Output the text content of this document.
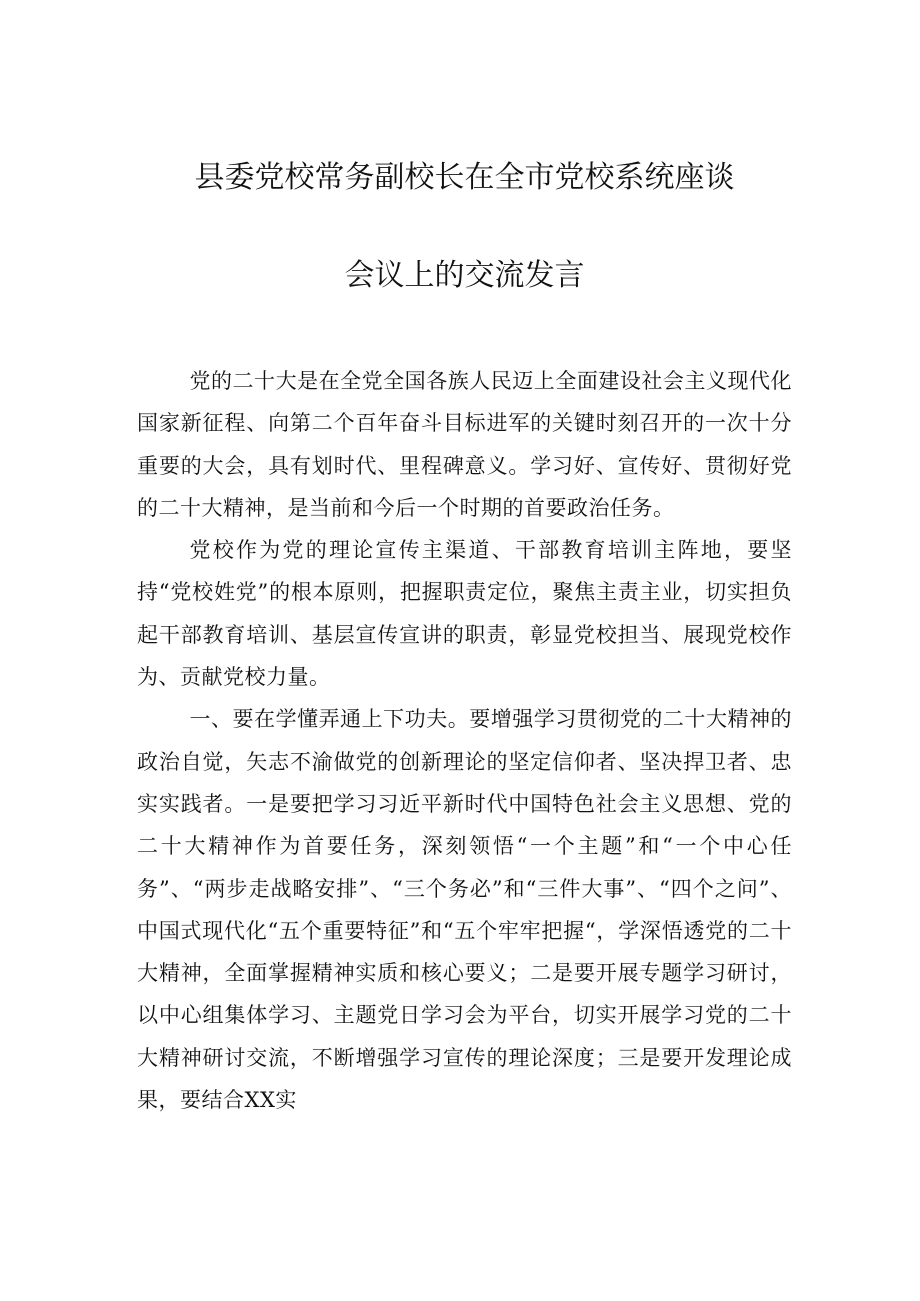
县委党校常务副校长在全市党校系统座谈
会议上的交流发言

党的二十大是在全党全国各族人民迈上全面建设社会主义现代化国家新征程、向第二个百年奋斗目标进军的关键时刻召开的一次十分重要的大会，具有划时代、里程碑意义。学习好、宣传好、贯彻好党的二十大精神，是当前和今后一个时期的首要政治任务。

党校作为党的理论宣传主渠道、干部教育培训主阵地，要坚持“党校姓党”的根本原则，把握职责定位，聚焦主责主业，切实担负起干部教育培训、基层宣传宣讲的职责，彰显党校担当、展现党校作为、贡献党校力量。

一、要在学懂弄通上下功夫。要增强学习贯彻党的二十大精神的政治自觉，矢志不渝做党的创新理论的坚定信仰者、坚决捍卫者、忠实实践者。一是要把学习习近平新时代中国特色社会主义思想、党的二十大精神作为首要任务，深刻领悟“一个主题”和“一个中心任务”、“两步走战略安排”、“三个务必”和“三件大事”、“四个之问”、中国式现代化“五个重要特征”和“五个牢牢把握“，学深悟透党的二十大精神，全面掌握精神实质和核心要义；二是要开展专题学习研讨，以中心组集体学习、主题党日学习会为平台，切实开展学习党的二十大精神研讨交流，不断增强学习宣传的理论深度；三是要开发理论成果，要结合XX实
